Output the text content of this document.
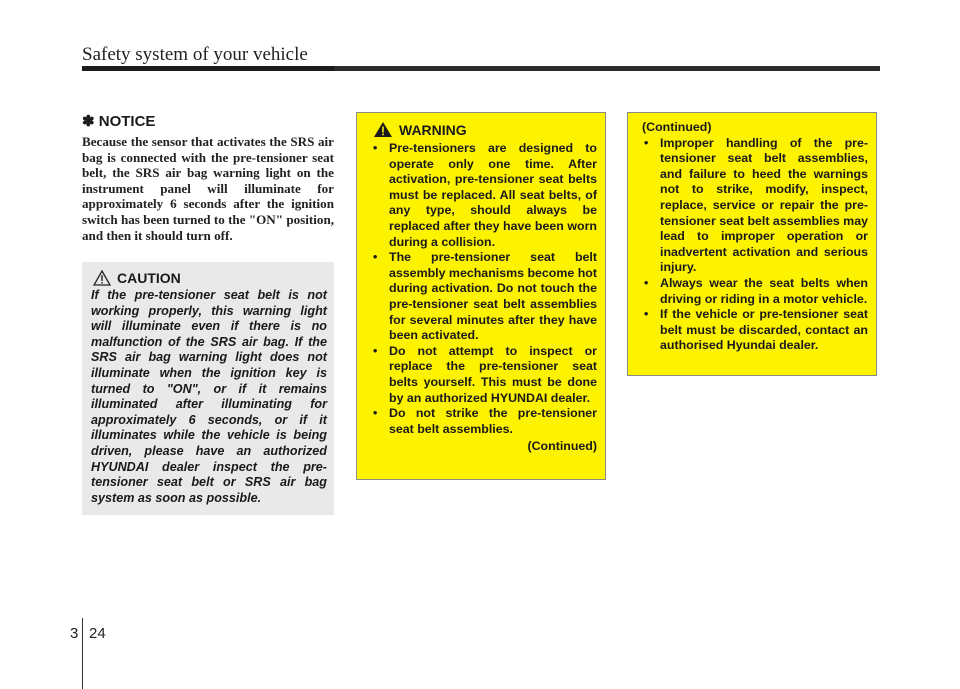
Safety system of your vehicle
✽ NOTICE

Because the sensor that activates the SRS air bag is connected with the pre-tensioner seat belt, the SRS air bag warning light on the instrument panel will illuminate for approximately 6 seconds after the ignition switch has been turned to the "ON" position, and then it should turn off.

CAUTION

If the pre-tensioner seat belt is not working properly, this warning light will illuminate even if there is no malfunction of the SRS air bag. If the SRS air bag warning light does not illuminate when the ignition key is turned to "ON", or if it remains illuminated after illuminating for approximately 6 seconds, or if it illuminates while the vehicle is being driven, please have an authorized HYUNDAI dealer inspect the pre-tensioner seat belt or SRS air bag system as soon as possible.

WARNING
• Pre-tensioners are designed to operate only one time. After activation, pre-tensioner seat belts must be replaced. All seat belts, of any type, should always be replaced after they have been worn during a collision.
• The pre-tensioner seat belt assembly mechanisms become hot during activation. Do not touch the pre-tensioner seat belt assemblies for several minutes after they have been activated.
• Do not attempt to inspect or replace the pre-tensioner seat belts yourself. This must be done by an authorized HYUNDAI dealer.
• Do not strike the pre-tensioner seat belt assemblies.
(Continued)
(Continued)
• Improper handling of the pre-tensioner seat belt assemblies, and failure to heed the warnings not to strike, modify, inspect, replace, service or repair the pre-tensioner seat belt assemblies may lead to improper operation or inadvertent activation and serious injury.
• Always wear the seat belts when driving or riding in a motor vehicle.
• If the vehicle or pre-tensioner seat belt must be discarded, contact an authorised Hyundai dealer.
3 24
